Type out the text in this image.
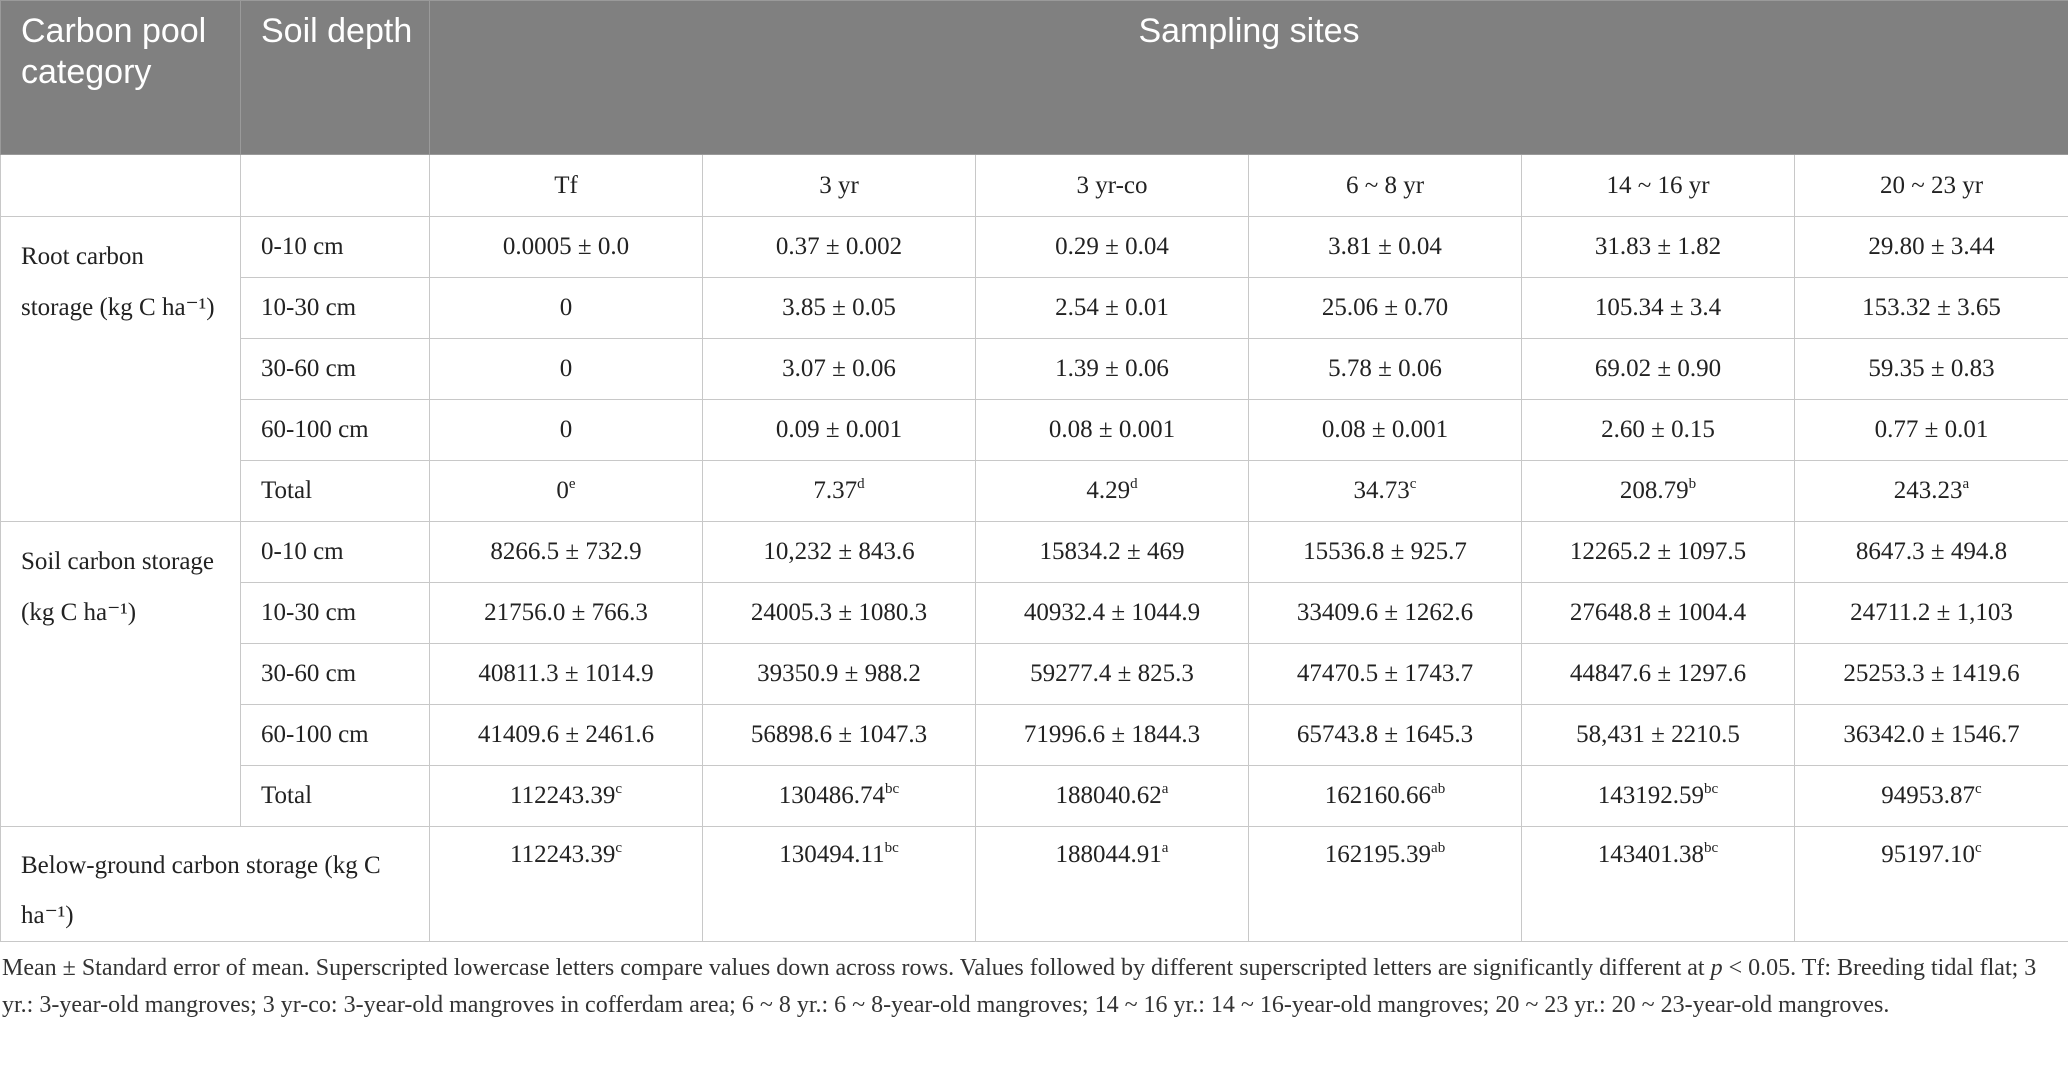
Carbon pool category	Soil depth	Sampling sites					
		Tf	3 yr	3 yr-co	6 ~ 8 yr	14 ~ 16 yr	20 ~ 23 yr
Root carbon storage (kg C ha⁻¹)	0-10 cm	0.0005 ± 0.0	0.37 ± 0.002	0.29 ± 0.04	3.81 ± 0.04	31.83 ± 1.82	29.80 ± 3.44
	10-30 cm	0	3.85 ± 0.05	2.54 ± 0.01	25.06 ± 0.70	105.34 ± 3.4	153.32 ± 3.65
	30-60 cm	0	3.07 ± 0.06	1.39 ± 0.06	5.78 ± 0.06	69.02 ± 0.90	59.35 ± 0.83
	60-100 cm	0	0.09 ± 0.001	0.08 ± 0.001	0.08 ± 0.001	2.60 ± 0.15	0.77 ± 0.01
	Total	0e	7.37$^d$	4.29$^d$	34.73$^c$	208.79$^b$	243.23$^a$
Soil carbon storage (kg C ha⁻¹)	0-10 cm	8266.5 ± 732.9	10,232 ± 843.6	15834.2 ± 469	15536.8 ± 925.7	12265.2 ± 1097.5	8647.3 ± 494.8
	10-30 cm	21756.0 ± 766.3	24005.3 ± 1080.3	40932.4 ± 1044.9	33409.6 ± 1262.6	27648.8 ± 1004.4	24711.2 ± 1,103
	30-60 cm	40811.3 ± 1014.9	39350.9 ± 988.2	59277.4 ± 825.3	47470.5 ± 1743.7	44847.6 ± 1297.6	25253.3 ± 1419.6
	60-100 cm	41409.6 ± 2461.6	56898.6 ± 1047.3	71996.6 ± 1844.3	65743.8 ± 1645.3	58,431 ± 2210.5	36342.0 ± 1546.7
	Total	112243.39$^c$	130486.74$^{bc}$	188040.62$^a$	162160.66$^{ab}$	143192.59$^{bc}$	94953.87$^c$
Below-ground carbon storage (kg C ha⁻¹)		112243.39$^c$	130494.11$^{bc}$	188044.91$^a$	162195.39$^{ab}$	143401.38$^{bc}$	95197.10$^c$
Mean ± Standard error of mean. Superscripted lowercase letters compare values down across rows. Values followed by different superscripted letters are significantly different at p < 0.05. Tf: Breeding tidal flat; 3 yr.: 3-year-old mangroves; 3 yr-co: 3-year-old mangroves in cofferdam area; 6 ~ 8 yr.: 6 ~ 8-year-old mangroves; 14 ~ 16 yr.: 14 ~ 16-year-old mangroves; 20 ~ 23 yr.: 20 ~ 23-year-old mangroves.
